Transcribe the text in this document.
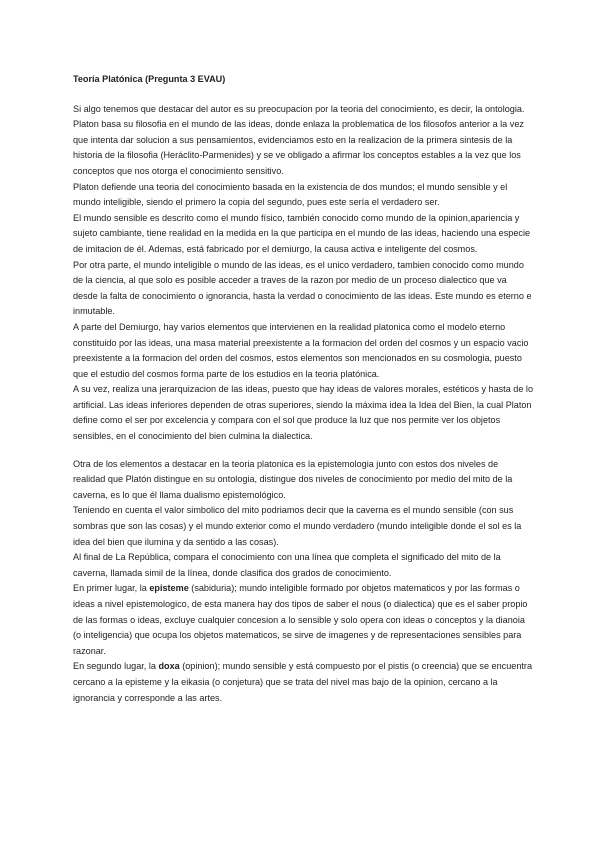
Teoría Platónica (Pregunta 3 EVAU)

Si algo tenemos que destacar del autor es su preocupacion por la teoria del conocimiento, es decir, la ontologia. Platon basa su filosofia en el mundo de las ideas, donde enlaza la problematica de los filosofos anterior a la vez que intenta dar solucion a sus pensamientos, evidenciamos esto en la realizacion de la primera sintesis de la historia de la filosofia (Heráclito-Parmenides) y se ve obligado a afirmar los conceptos estables a la vez que los conceptos que nos otorga el conocimiento sensitivo.

Platon defiende una teoria del conocimiento basada en la existencia de dos mundos; el mundo sensible y el mundo inteligible, siendo el primero la copia del segundo, pues este sería el verdadero ser.

El mundo sensible es descrito como el mundo físico, también conocido como mundo de la opinion,apariencia y sujeto cambiante, tiene realidad en la medida en la que participa en el mundo de las ideas, haciendo una especie de imitacion de él. Ademas, está fabricado por el demiurgo, la causa activa e inteligente del cosmos.

Por otra parte, el mundo inteligible o mundo de las ideas, es el unico verdadero, tambien conocido como mundo de la ciencia, al que solo es posible acceder a traves de la razon por medio de un proceso dialectico que va desde la falta de conocimiento o ignorancia, hasta la verdad o conocimiento de las ideas. Este mundo es eterno e inmutable.

A parte del Demiurgo, hay varios elementos que intervienen en la realidad platonica como el modelo eterno constituido por las ideas, una masa material preexistente a la formacion del orden del cosmos y un espacio vacio preexistente a la formacion del orden del cosmos, estos elementos son mencionados en su cosmologia, puesto que el estudio del cosmos forma parte de los estudios en la teoria platónica.

A su vez, realiza una jerarquizacion de las ideas, puesto que hay ideas de valores morales, estéticos y hasta de lo artificial. Las ideas inferiores dependen de otras superiores, siendo la máxima idea la Idea del Bien, la cual Platon define como el ser por excelencia y compara con el sol que produce la luz que nos permite ver los objetos sensibles, en el conocimiento del bien culmina la dialectica.

Otra de los elementos a destacar en la teoria platonica es la epistemologia junto con estos dos niveles de realidad que Platón distingue en su ontologia, distingue dos niveles de conocimiento por medio del mito de la caverna, es lo que él llama dualismo epistemológico.

Teniendo en cuenta el valor simbolico del mito podriamos decir que la caverna es el mundo sensible (con sus sombras que son las cosas) y el mundo exterior como el mundo verdadero (mundo inteligible donde el sol es la idea del bien que ilumina y da sentido a las cosas).

Al final de La República, compara el conocimiento con una línea que completa el significado del mito de la caverna, llamada simil de la línea, donde clasifica dos grados de conocimiento.

En primer lugar, la episteme (sabiduria); mundo inteligible formado por objetos matematicos y por las formas o ideas a nivel epistemologico, de esta manera hay dos tipos de saber el nous (o dialectica) que es el saber propio de las formas o ideas, excluye cualquier concesion a lo sensible y solo opera con ideas o conceptos y la dianoia (o inteligencia) que ocupa los objetos matematicos, se sirve de imagenes y de representaciones sensibles para razonar.

En segundo lugar, la doxa (opinion); mundo sensible y está compuesto por el pistis (o creencia) que se encuentra cercano a la episteme y la eikasia (o conjetura) que se trata del nivel mas bajo de la opinion, cercano a la ignorancia y corresponde a las artes.
